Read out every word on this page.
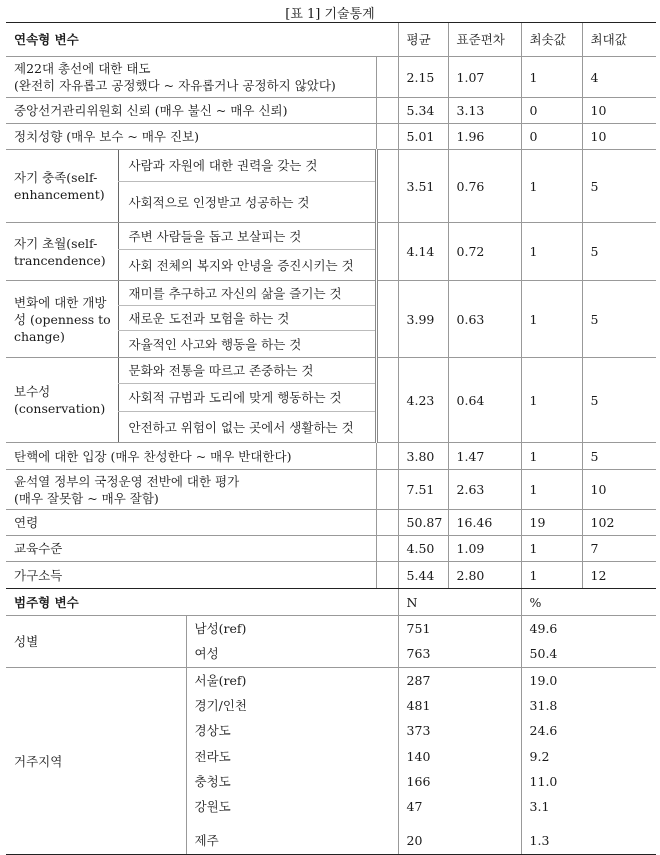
[표 1] 기술통계
연속형 변수				평균	표준편차	최솟값	최대값

제22대 총선에 대한 태도
(완전히 자유롭고 공정했다 ~ 자유롭거나 공정하지 않았다)				2.15	1.07	1	4
중앙선거관리위원회 신뢰 (매우 불신 ~ 매우 신뢰)				5.34	3.13	0	10
정치성향 (매우 보수 ~ 매우 진보)				5.01	1.96	0	10
자기 충족(self-enhancement)	사람과 자원에 대한 권력을 갖는 것			3.51	0.76	1	5
	사회적으로 인정받고 성공하는 것						
자기 초월(self-trancendence)	주변 사람들을 돕고 보살피는 것			4.14	0.72	1	5
	사회 전체의 복지와 안녕을 증진시키는 것						
변화에 대한 개방성 (openness to change)	재미를 추구하고 자신의 삶을 즐기는 것			3.99	0.63	1	5
	새로운 도전과 모험을 하는 것						
	자율적인 사고와 행동을 하는 것						
보수성 (conservation)	문화와 전통을 따르고 존중하는 것			4.23	0.64	1	5
	사회적 규범과 도리에 맞게 행동하는 것						
	안전하고 위험이 없는 곳에서 생활하는 것						
탄핵에 대한 입장 (매우 찬성한다 ~ 매우 반대한다)				3.80	1.47	1	5

윤석열 정부의 국정운영 전반에 대한 평가
(매우 잘못함 ~ 매우 잘함)				7.51	2.63	1	10
연령				50.87	16.46	19	102
교육수준				4.50	1.09	1	7
가구소득				5.44	2.80	1	12
범주형 변수				N		%	
성별		남성(ref)		751		49.6	
		여성		763		50.4	
거주지역		서울(ref)		287		19.0	
		경기/인천		481		31.8	
		경상도		373		24.6	
		전라도		140		9.2	
		충청도		166		11.0	
		강원도		47		3.1	
		제주		20		1.3	
